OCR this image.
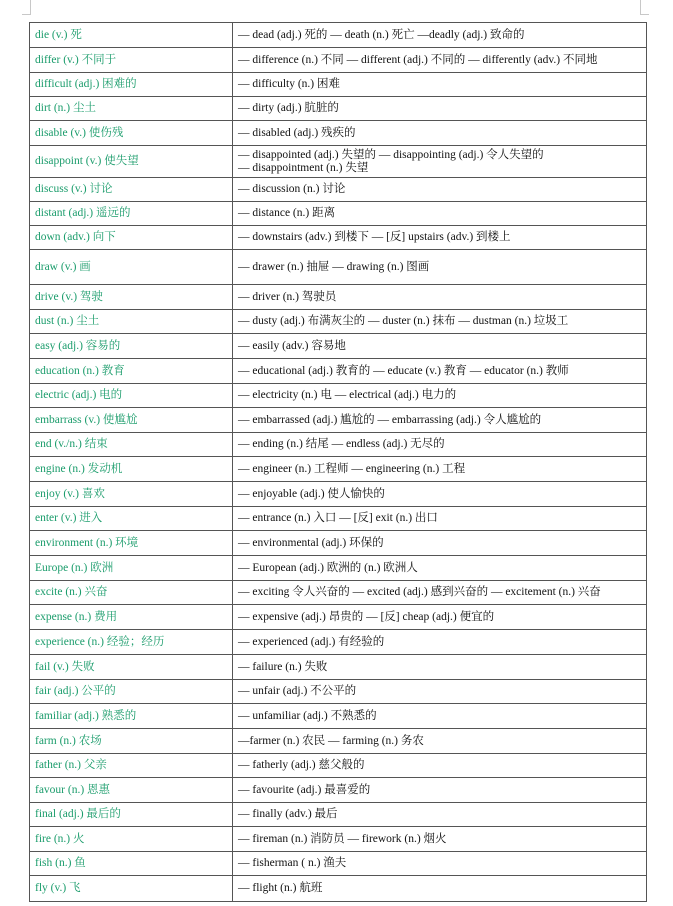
die (v.) 死	— dead (adj.) 死的 — death (n.) 死亡 —deadly (adj.) 致命的

differ (v.) 不同于	— difference (n.) 不同 — different (adj.) 不同的 — differently (adv.) 不同地

difficult (adj.) 困难的	— difficulty (n.) 困难

dirt (n.) 尘土	— dirty (adj.) 肮脏的

disable (v.) 使伤残	— disabled (adj.) 残疾的

disappoint (v.) 使失望	— disappointed (adj.) 失望的 — disappointing (adj.) 令人失望的
— disappointment (n.) 失望

discuss (v.) 讨论	— discussion (n.) 讨论

distant (adj.) 遥远的	— distance (n.) 距离

down (adv.) 向下	— downstairs (adv.) 到楼下 — [反] upstairs (adv.) 到楼上

draw (v.) 画	— drawer (n.) 抽屉 — drawing (n.) 图画

drive (v.) 驾驶	— driver (n.) 驾驶员

dust (n.) 尘土	— dusty (adj.) 布满灰尘的 — duster (n.) 抹布 — dustman (n.) 垃圾工

easy (adj.) 容易的	— easily (adv.) 容易地

education (n.) 教育	— educational (adj.) 教育的 — educate (v.) 教育 — educator (n.) 教师

electric (adj.) 电的	— electricity (n.) 电 — electrical (adj.) 电力的

embarrass (v.) 使尴尬	— embarrassed (adj.) 尴尬的 — embarrassing (adj.) 令人尴尬的

end (v./n.) 结束	— ending (n.) 结尾 — endless (adj.) 无尽的

engine (n.) 发动机	— engineer (n.) 工程师 — engineering (n.) 工程

enjoy (v.) 喜欢	— enjoyable (adj.) 使人愉快的

enter (v.) 进入	— entrance (n.) 入口 — [反] exit (n.) 出口

environment (n.) 环境	— environmental (adj.) 环保的

Europe (n.) 欧洲	— European (adj.) 欧洲的 (n.) 欧洲人

excite (n.) 兴奋	— exciting 令人兴奋的 — excited (adj.) 感到兴奋的 — excitement (n.) 兴奋

expense (n.) 费用	— expensive (adj.) 昂贵的 — [反] cheap (adj.) 便宜的

experience (n.) 经验；经历	— experienced (adj.) 有经验的

fail (v.) 失败	— failure (n.) 失败

fair (adj.) 公平的	— unfair (adj.) 不公平的

familiar (adj.) 熟悉的	— unfamiliar (adj.) 不熟悉的

farm (n.) 农场	—farmer (n.) 农民 — farming (n.) 务农

father (n.) 父亲	— fatherly (adj.) 慈父般的

favour (n.) 恩惠	— favourite (adj.) 最喜爱的

final (adj.) 最后的	— finally (adv.) 最后

fire (n.) 火	— fireman (n.) 消防员 — firework (n.) 烟火

fish (n.) 鱼	— fisherman ( n.) 渔夫

fly (v.) 飞	— flight (n.) 航班
